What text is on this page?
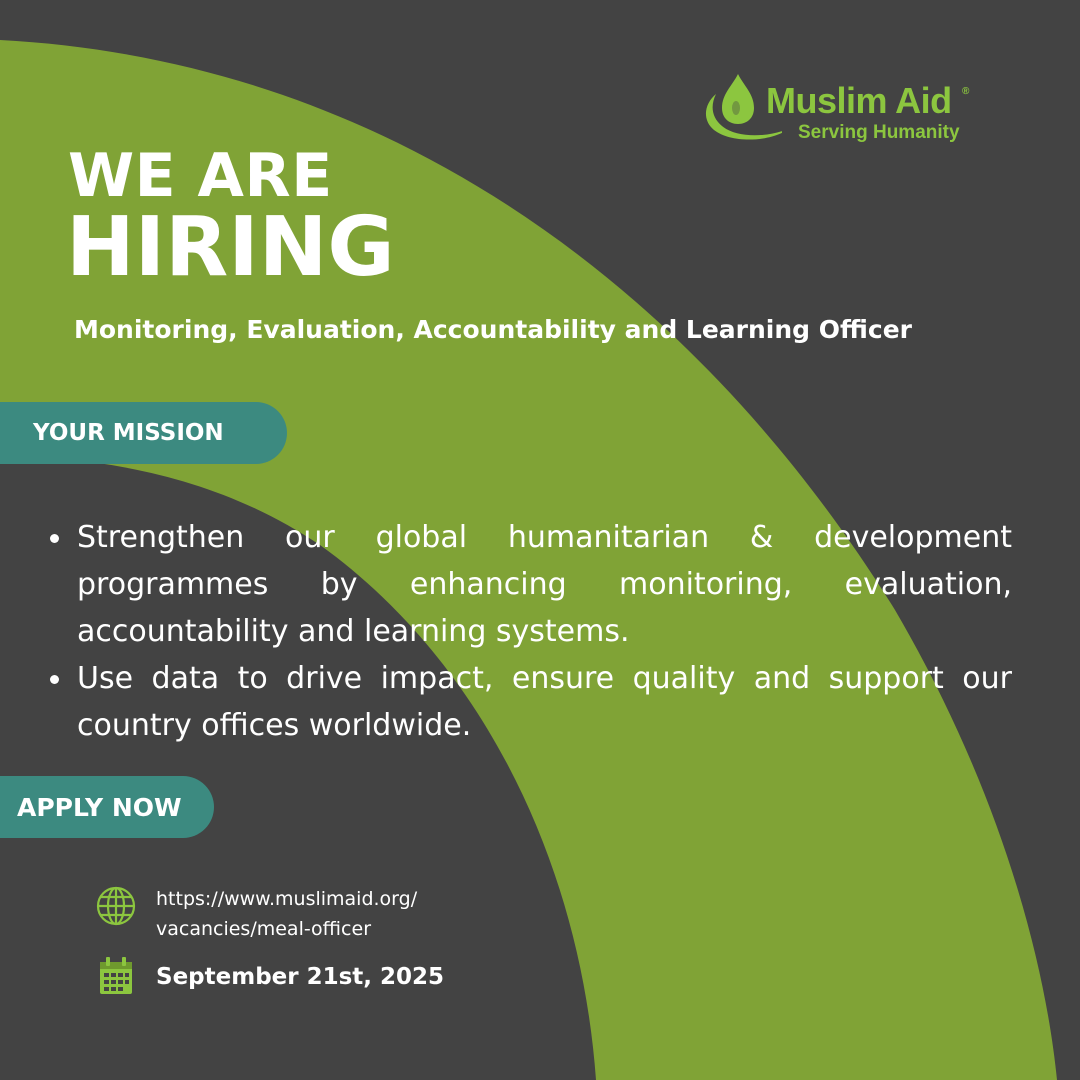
Muslim Aid ®
Serving Humanity
WE ARE
HIRING
Monitoring, Evaluation, Accountability and Learning Officer
YOUR MISSION
Strengthen our global humanitarian & development programmes by enhancing monitoring, evaluation, accountability and learning systems.
Use data to drive impact, ensure quality and support our country offices worldwide.
APPLY NOW
https://www.muslimaid.org/
vacancies/meal-officer
September 21st, 2025
